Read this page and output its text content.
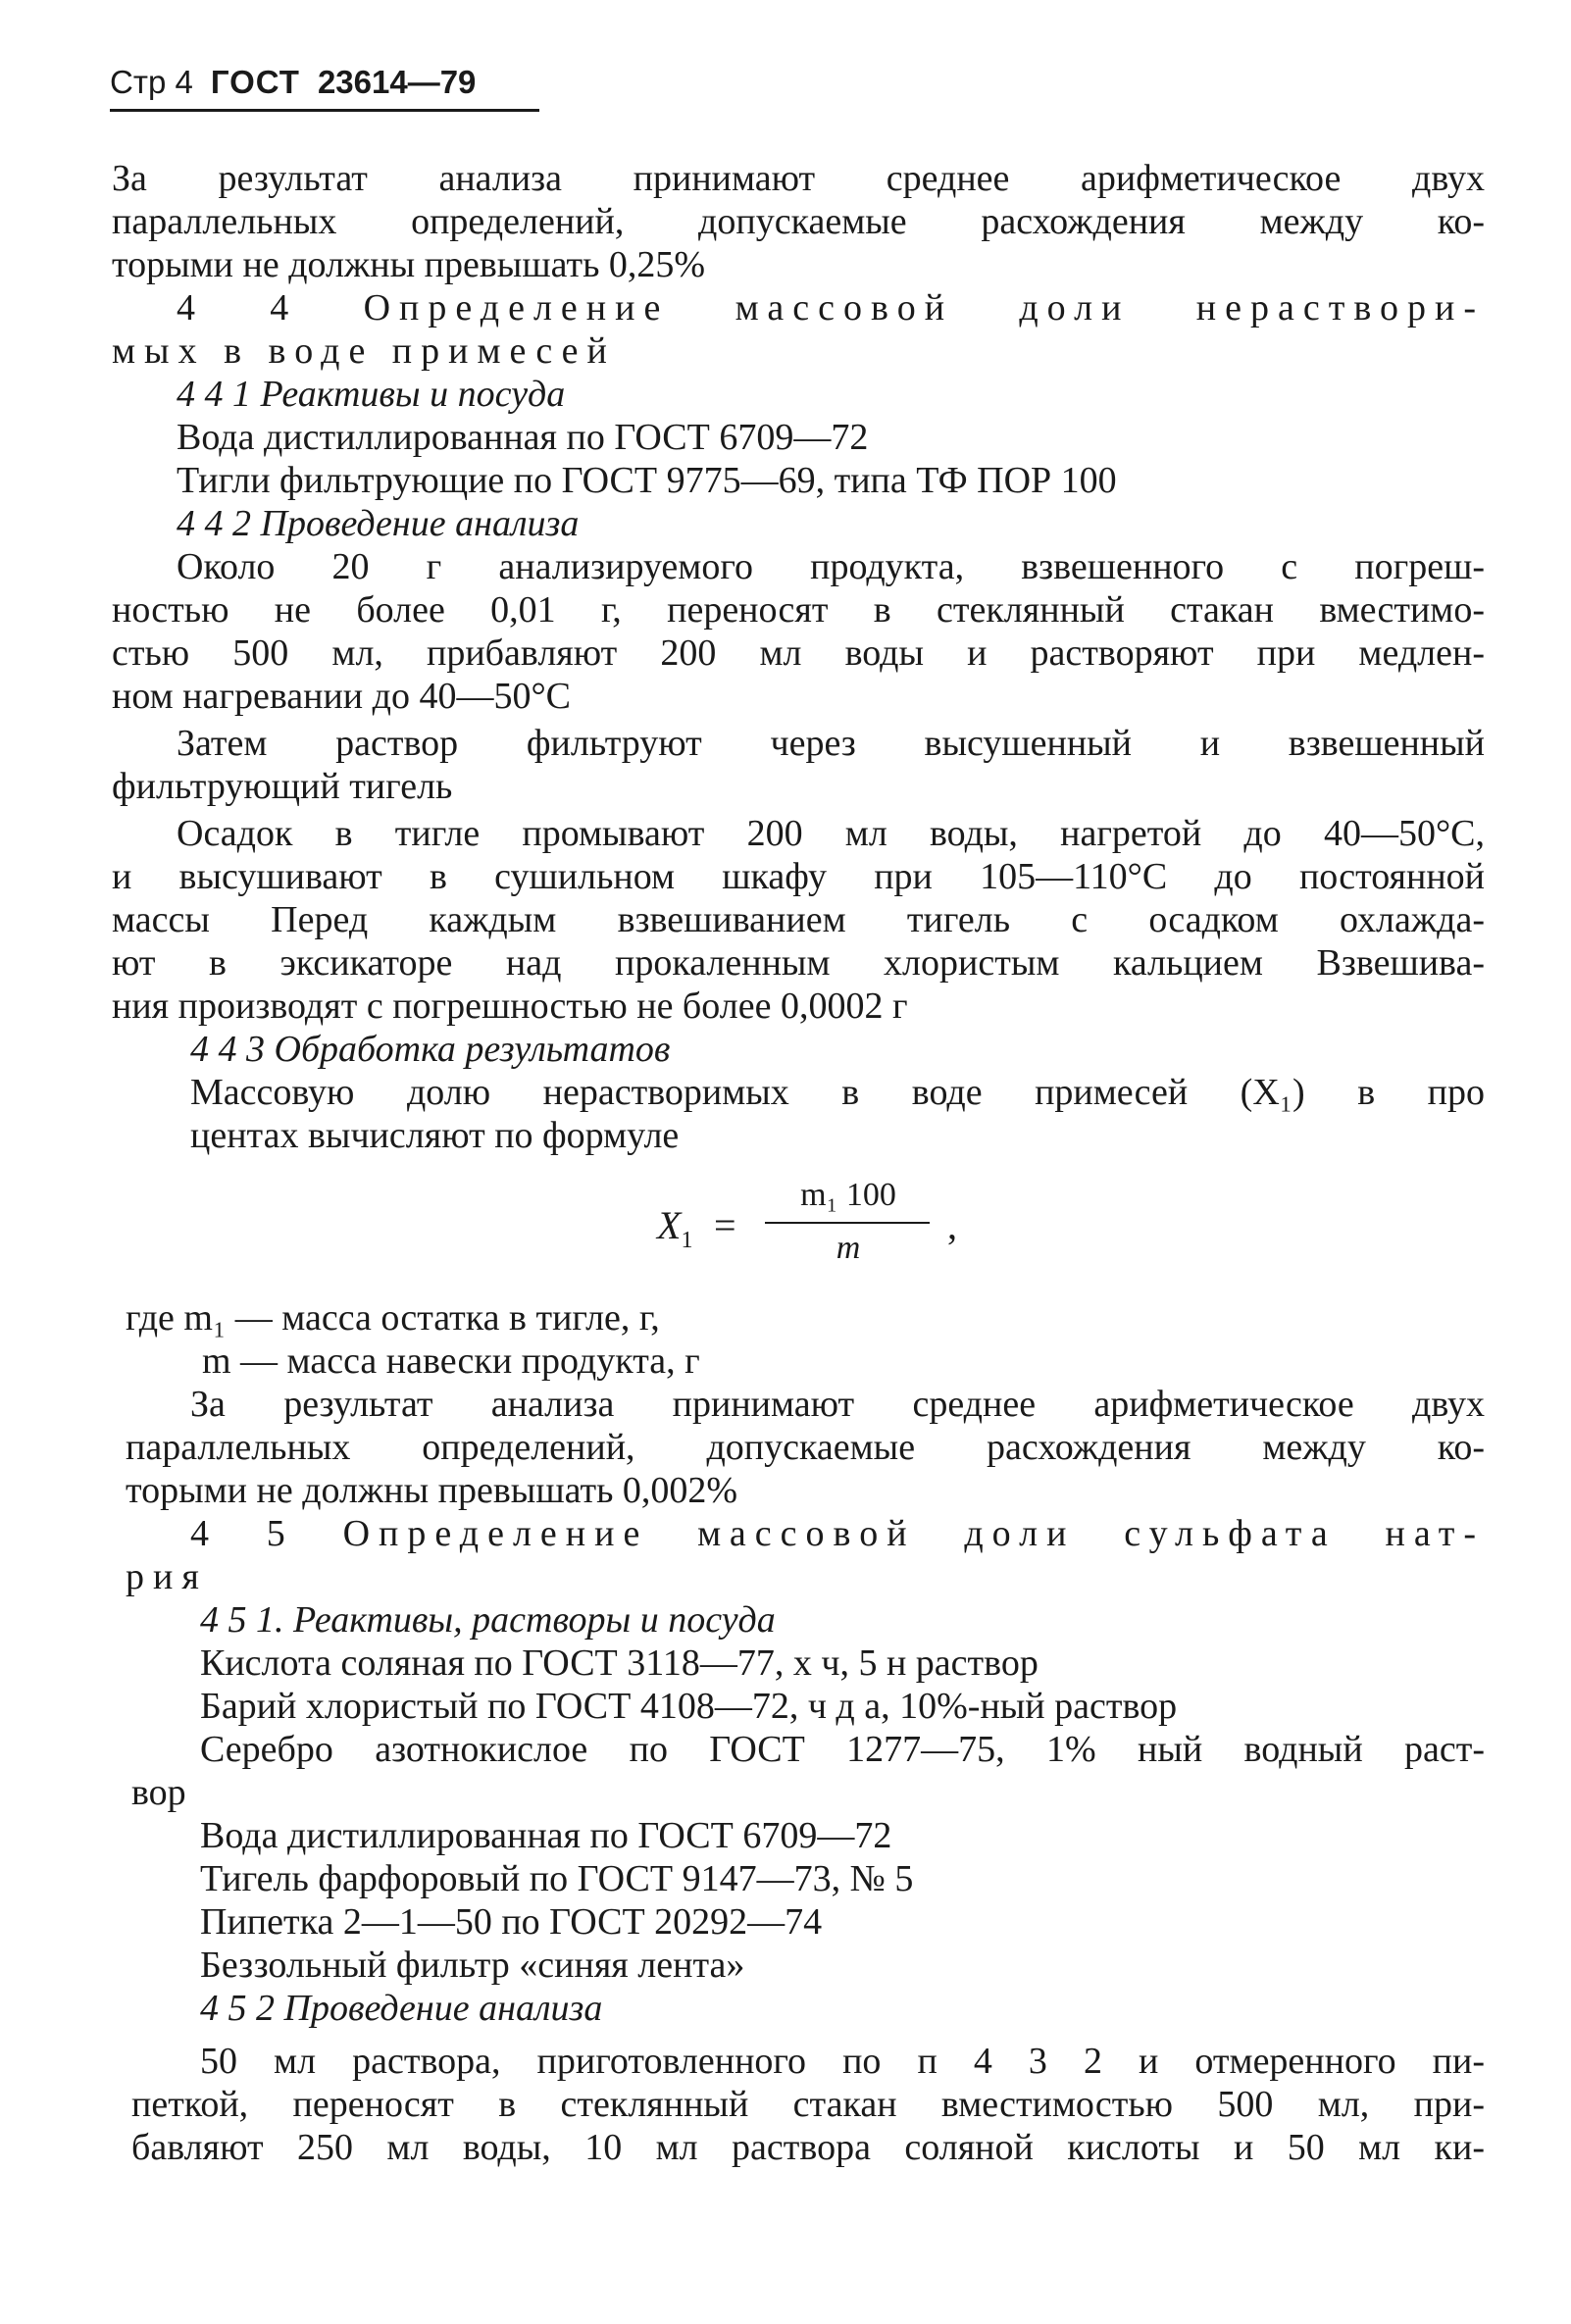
Стр 4 ГОСТ 23614—79
За результат анализа принимают среднее арифметическое двух
параллельных определений, допускаемые расхождения между ко-
торыми не должны превышать 0,25%
4 4 Определение массовой доли нераствори-
мых в воде примесей
4 4 1 Реактивы и посуда
Вода дистиллированная по ГОСТ 6709—72
Тигли фильтрующие по ГОСТ 9775—69, типа ТФ ПОР 100
4 4 2 Проведение анализа
Около 20 г анализируемого продукта, взвешенного с погреш-
ностью не более 0,01 г, переносят в стеклянный стакан вместимо-
стью 500 мл, прибавляют 200 мл воды и растворяют при медлен-
ном нагревании до 40—50°С
Затем раствор фильтруют через высушенный и взвешенный
фильтрующий тигель
Осадок в тигле промывают 200 мл воды, нагретой до 40—50°С,
и высушивают в сушильном шкафу при 105—110°С до постоянной
массы Перед каждым взвешиванием тигель с осадком охлажда-
ют в эксикаторе над прокаленным хлористым кальцием Взвешива-
ния производят с погрешностью не более 0,0002 г
4 4 3 Обработка результатов
Массовую долю нерастворимых в воде примесей (X₁) в про
центах вычисляют по формуле
$X_1$ =
m₁ 100
m
,
где m₁ — масса остатка в тигле, г,
m — масса навески продукта, г
За результат анализа принимают среднее арифметическое двух
параллельных определений, допускаемые расхождения между ко-
торыми не должны превышать 0,002%
4 5 Определение массовой доли сульфата нат-
рия
4 5 1. Реактивы, растворы и посуда
Кислота соляная по ГОСТ 3118—77, х ч, 5 н раствор
Барий хлористый по ГОСТ 4108—72, ч д а, 10%-ный раствор
Серебро азотнокислое по ГОСТ 1277—75, 1% ный водный раст-
вор
Вода дистиллированная по ГОСТ 6709—72
Тигель фарфоровый по ГОСТ 9147—73, № 5
Пипетка 2—1—50 по ГОСТ 20292—74
Беззольный фильтр «синяя лента»
4 5 2 Проведение анализа
50 мл раствора, приготовленного по п 4 3 2 и отмеренного пи-
петкой, переносят в стеклянный стакан вместимостью 500 мл, при-
бавляют 250 мл воды, 10 мл раствора соляной кислоты и 50 мл ки-
